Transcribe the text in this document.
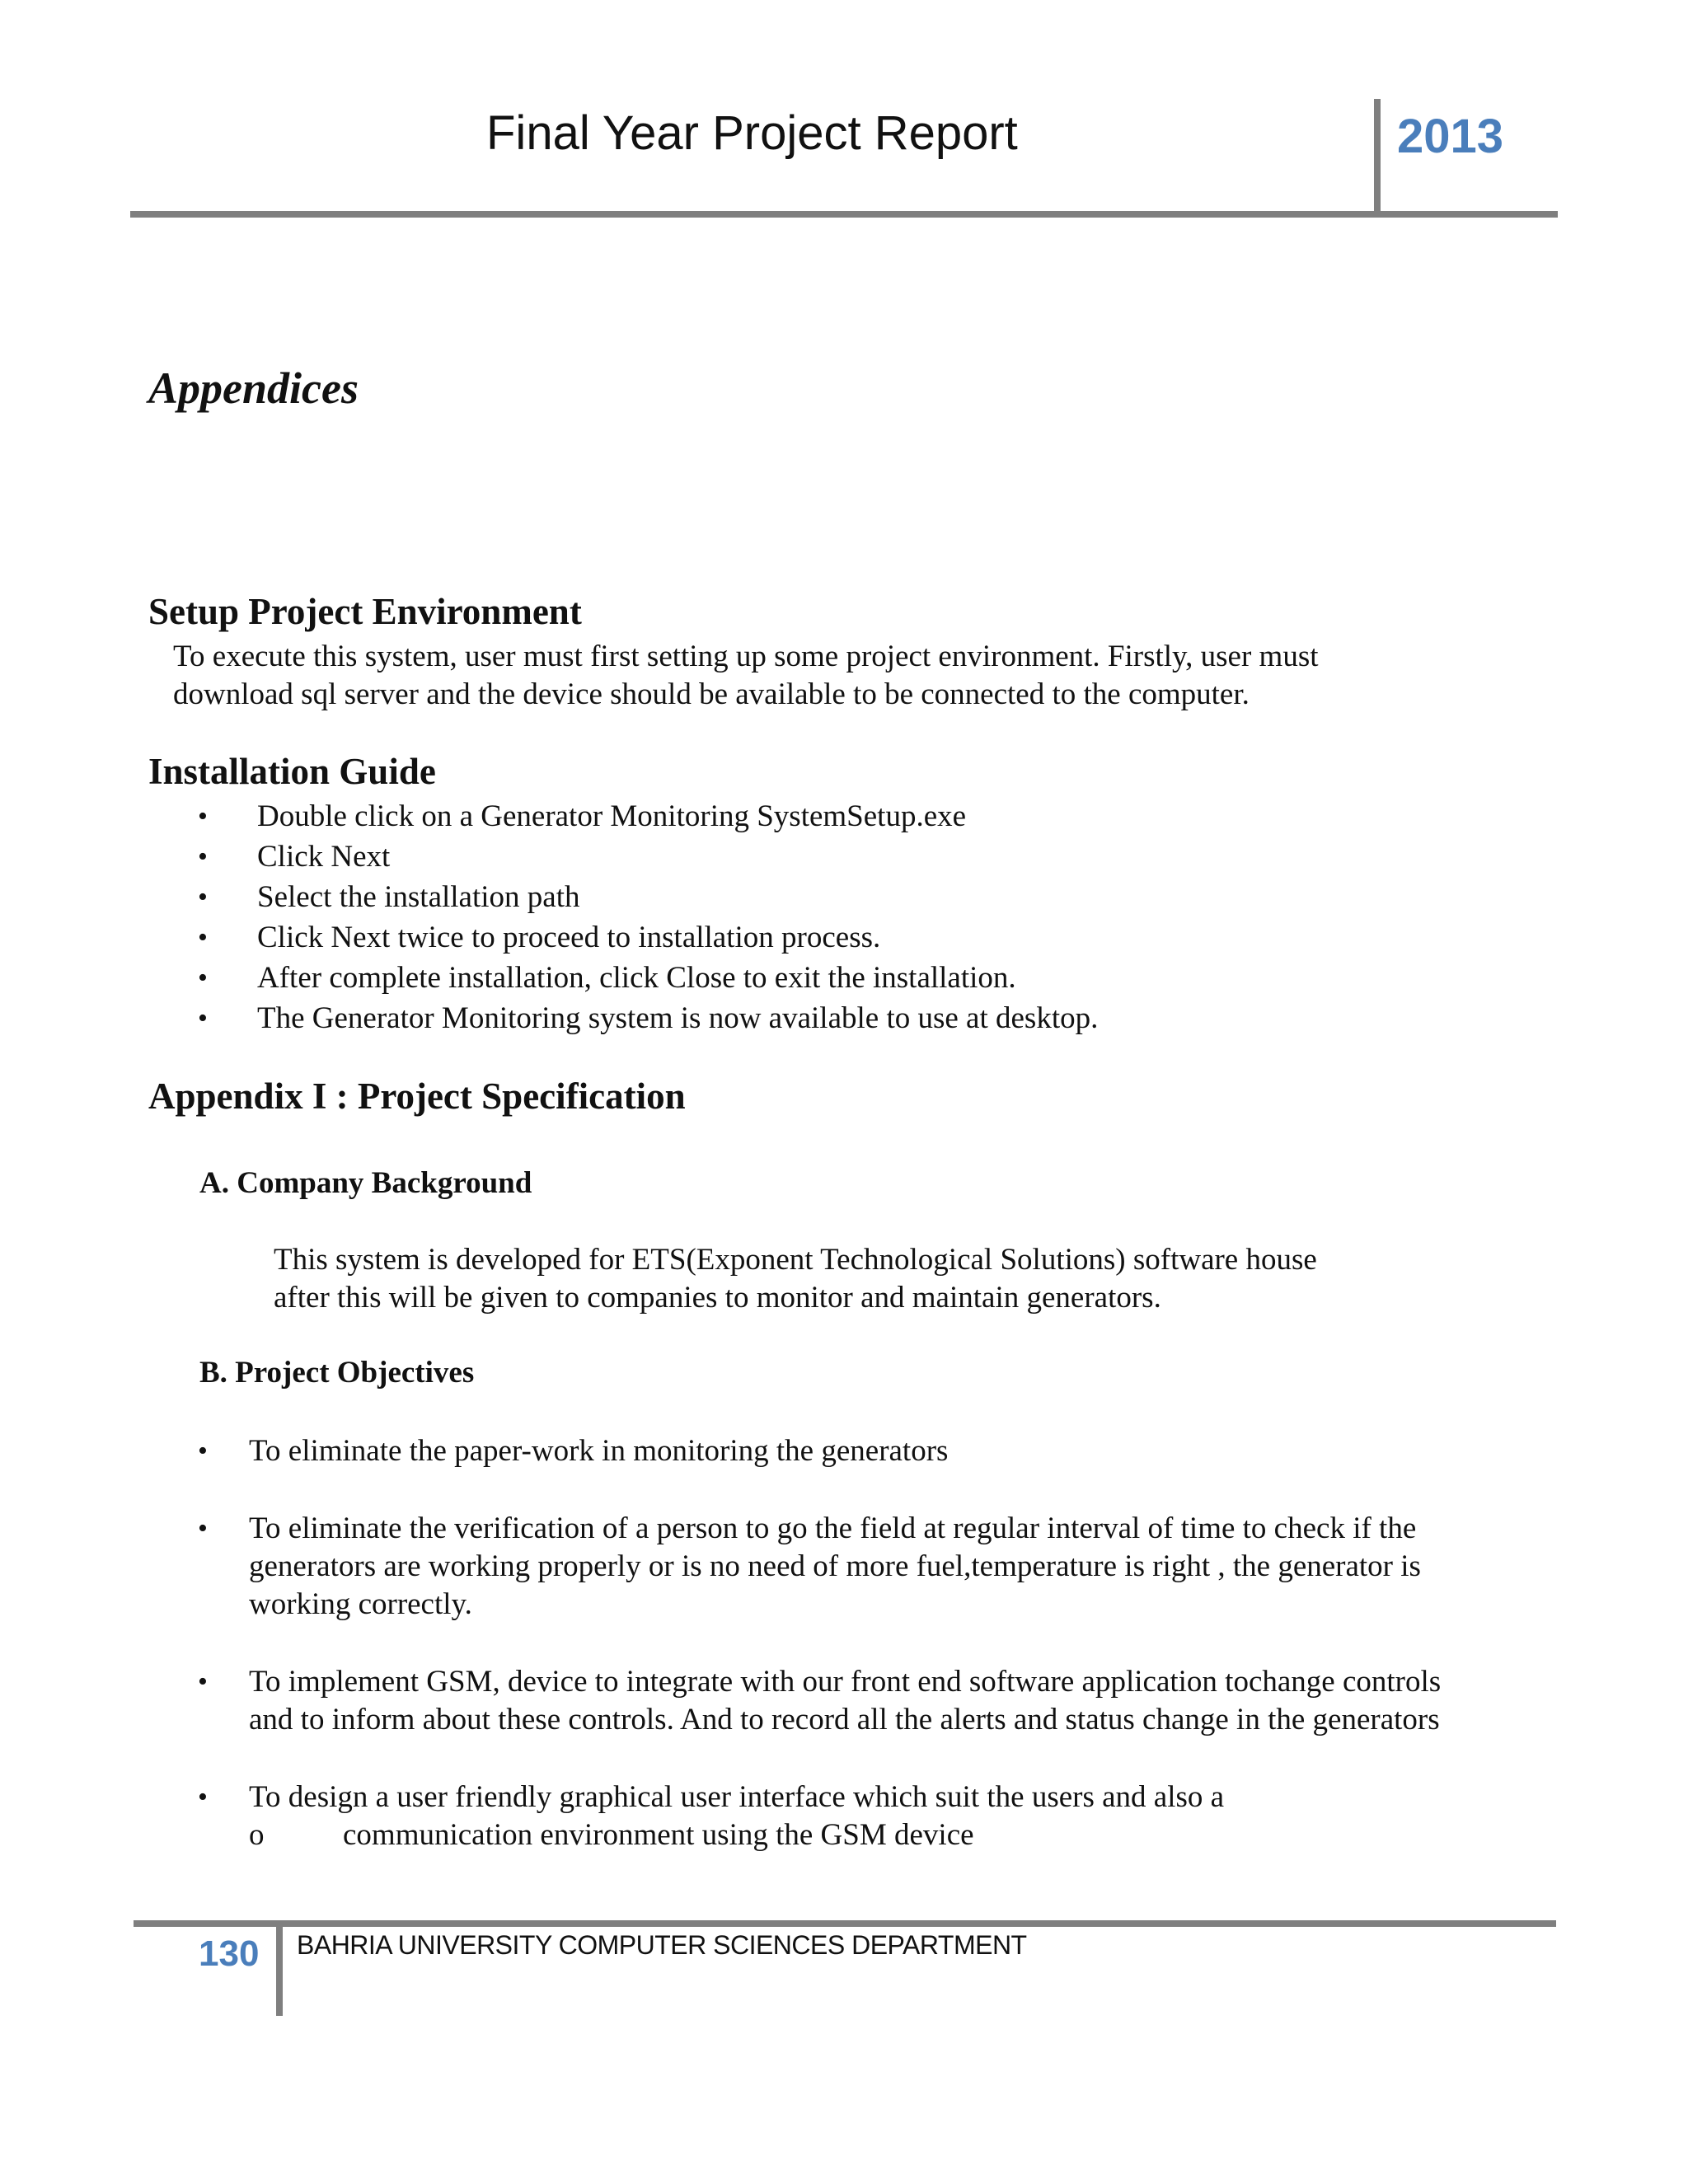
Final Year Project Report	2013
Appendices
Setup Project Environment
To execute this system, user must first setting up some project environment. Firstly, user must
download sql server and the device should be available to be connected to the computer.
Installation Guide
• Double click on a Generator Monitoring SystemSetup.exe
• Click Next
• Select the installation path
• Click Next twice to proceed to installation process.
• After complete installation, click Close to exit the installation.
• The Generator Monitoring system is now available to use at desktop.
Appendix I : Project Specification
A. Company Background
This system is developed for ETS(Exponent Technological Solutions) software house
after this will be given to companies to monitor and maintain generators.
B. Project Objectives
• To eliminate the paper-work in monitoring the generators
• To eliminate the verification of a person to go the field at regular interval of time to check if the generators are working properly or is no need of more fuel,temperature is right , the generator is working correctly.
• To implement GSM, device to integrate with our front end software application tochange controls and to inform about these controls. And to record all the alerts and status change in the generators
• To design a user friendly graphical user interface which suit the users and also a
o	communication environment using the GSM device
130 BAHRIA UNIVERSITY COMPUTER SCIENCES DEPARTMENT
